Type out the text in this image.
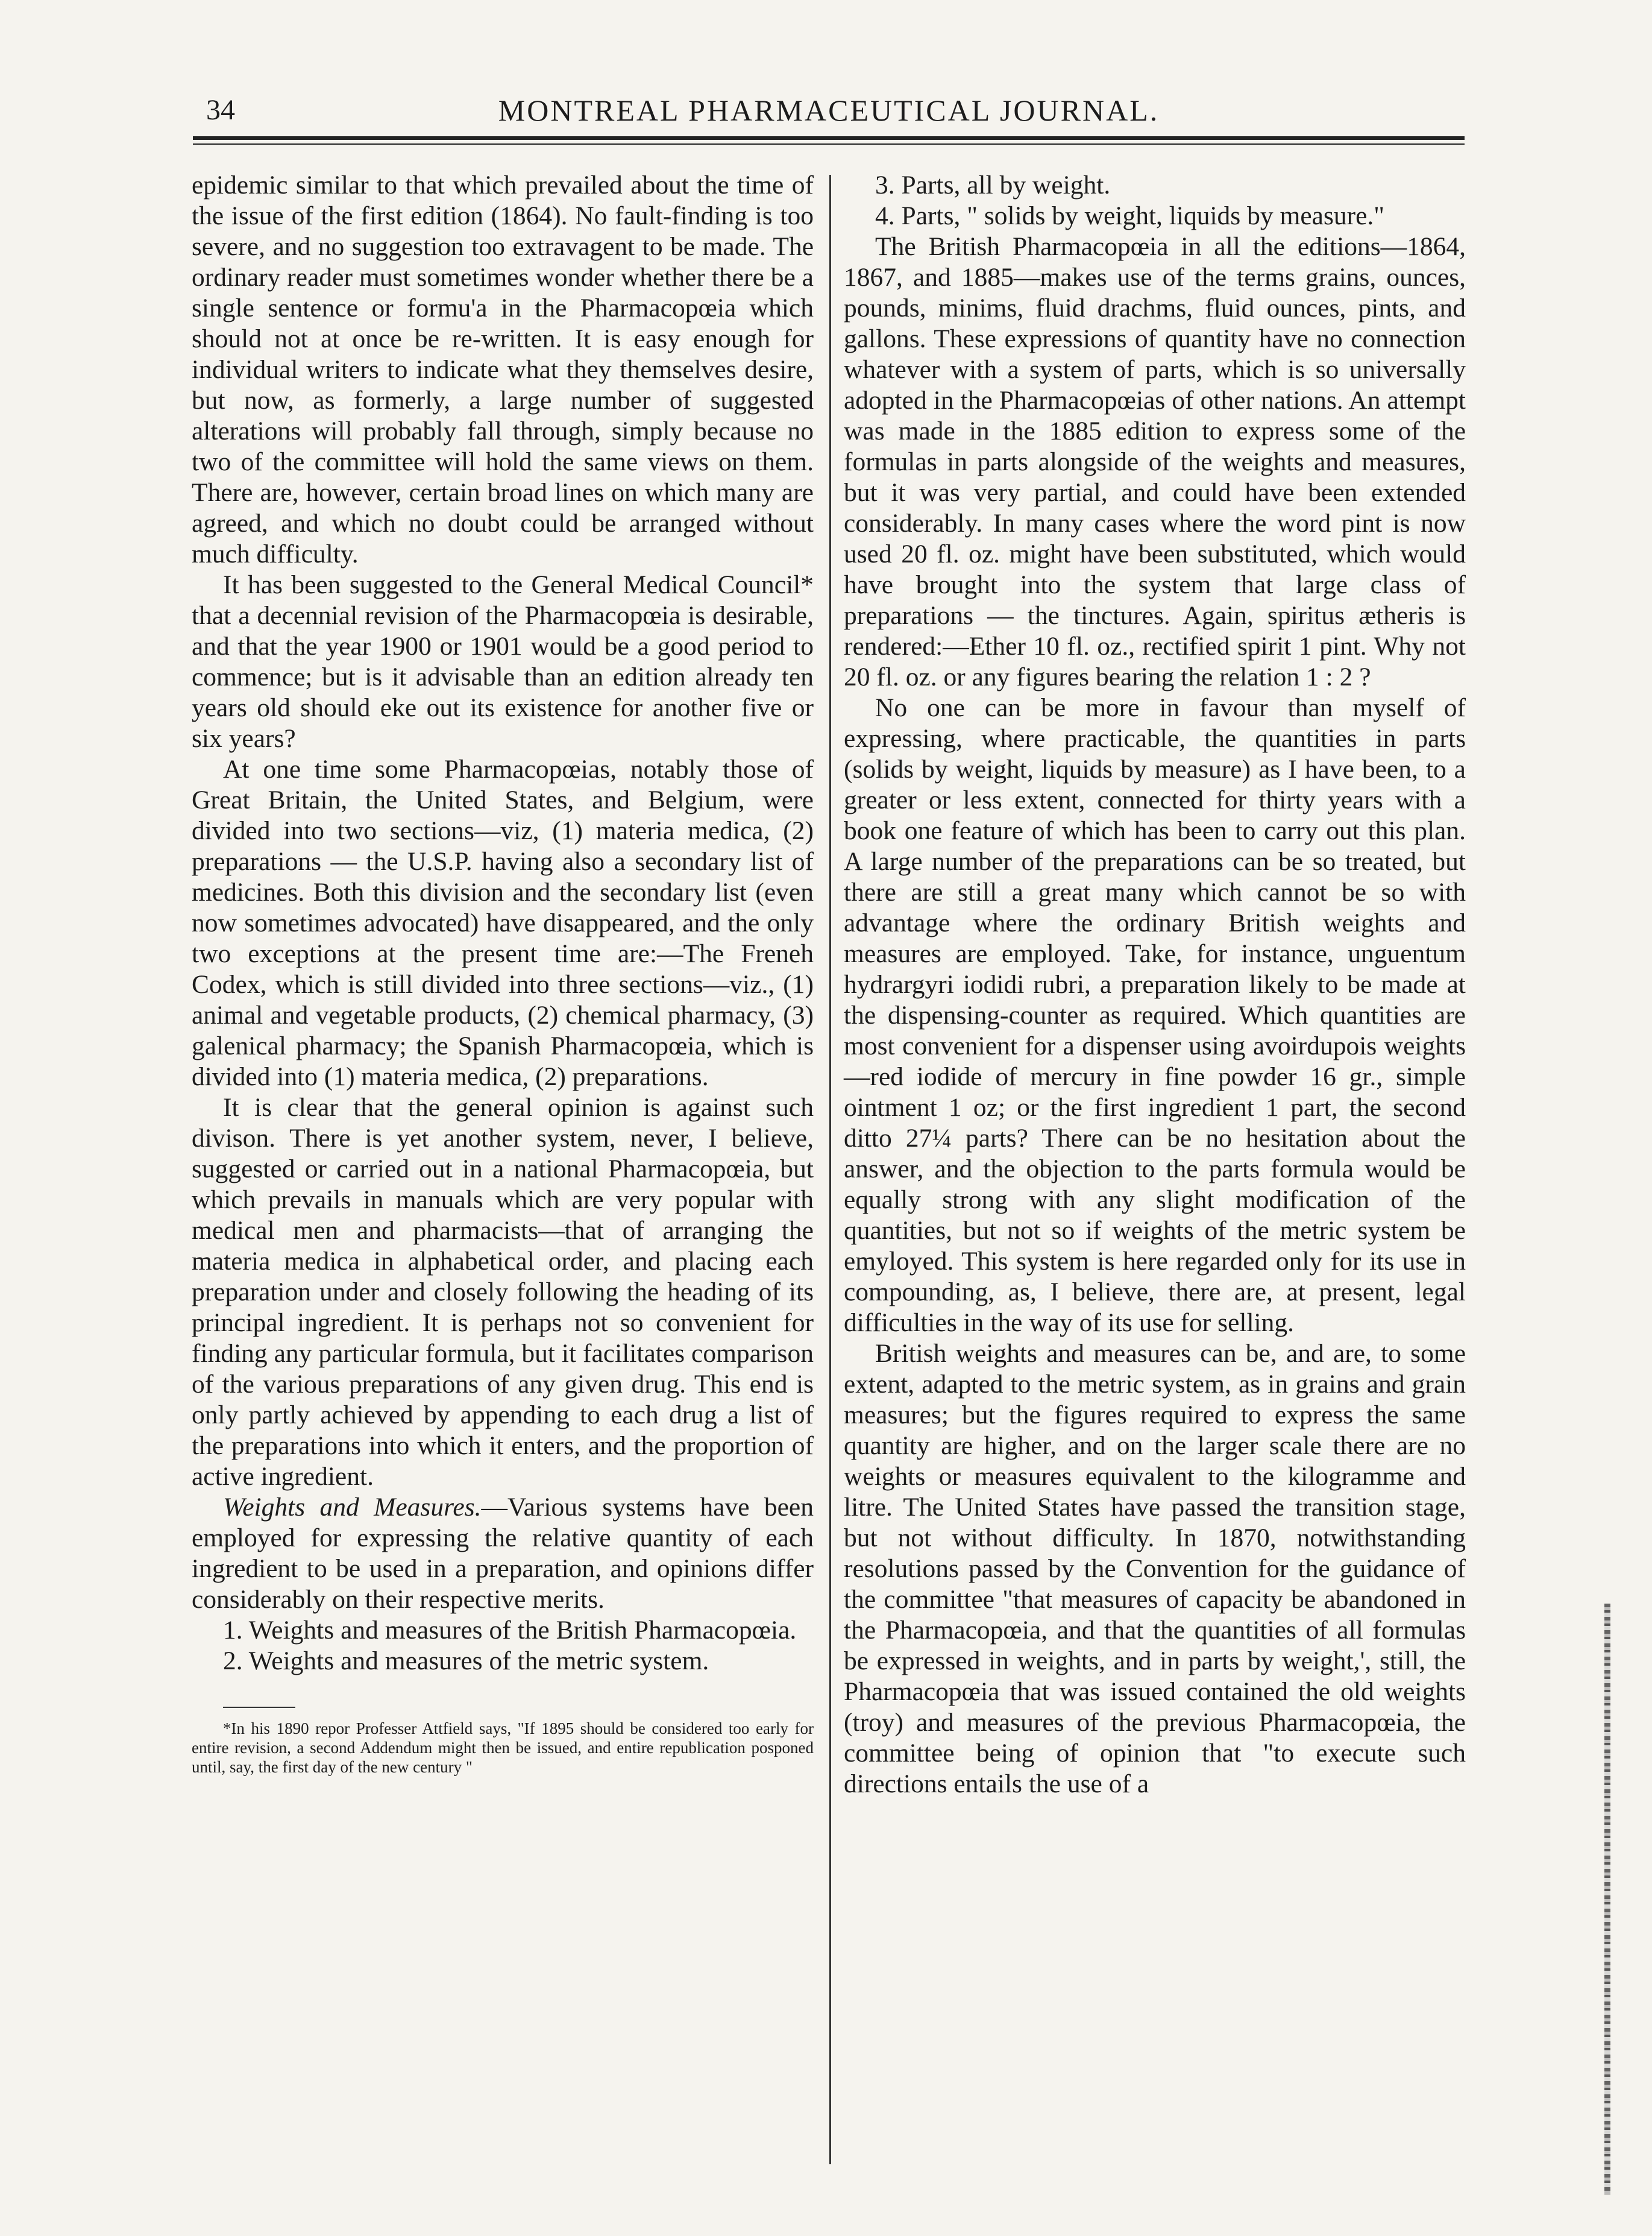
34	MONTREAL PHARMACEUTICAL JOURNAL.

epidemic similar to that which prevailed about the time of the issue of the first edition (1864). No fault-finding is too severe, and no suggestion too extravagent to be made. The ordinary reader must sometimes wonder whether there be a single sentence or formu'a in the Pharmacopœia which should not at once be re-written. It is easy enough for individual writers to indicate what they themselves desire, but now, as formerly, a large number of suggested alterations will probably fall through, simply because no two of the committee will hold the same views on them. There are, however, certain broad lines on which many are agreed, and which no doubt could be arranged without much difficulty.

It has been suggested to the General Medical Council* that a decennial revision of the Pharmacopœia is desirable, and that the year 1900 or 1901 would be a good period to commence; but is it advisable than an edition already ten years old should eke out its existence for another five or six years?

At one time some Pharmacopœias, notably those of Great Britain, the United States, and Belgium, were divided into two sections—viz, (1) materia medica, (2) preparations — the U.S.P. having also a secondary list of medicines. Both this division and the secondary list (even now sometimes advocated) have disappeared, and the only two exceptions at the present time are:—The Freneh Codex, which is still divided into three sections—viz., (1) animal and vegetable products, (2) chemical pharmacy, (3) galenical pharmacy; the Spanish Pharmacopœia, which is divided into (1) materia medica, (2) preparations.

It is clear that the general opinion is against such divison. There is yet another system, never, I believe, suggested or carried out in a national Pharmacopœia, but which prevails in manuals which are very popular with medical men and pharmacists—that of arranging the materia medica in alphabetical order, and placing each preparation under and closely following the heading of its principal ingredient. It is perhaps not so convenient for finding any particular formula, but it facilitates comparison of the various preparations of any given drug. This end is only partly achieved by appending to each drug a list of the preparations into which it enters, and the proportion of active ingredient.

Weights and Measures.—Various systems have been employed for expressing the relative quantity of each ingredient to be used in a preparation, and opinions differ considerably on their respective merits.

1. Weights and measures of the British Pharmacopœia.

2. Weights and measures of the metric system.

*In his 1890 repor Professer Attfield says, "If 1895 should be considered too early for entire revision, a second Addendum might then be issued, and entire republication posponed until, say, the first day of the new century "

3. Parts, all by weight.

4. Parts, " solids by weight, liquids by measure."

The British Pharmacopœia in all the editions—1864, 1867, and 1885—makes use of the terms grains, ounces, pounds, minims, fluid drachms, fluid ounces, pints, and gallons. These expressions of quantity have no connection whatever with a system of parts, which is so universally adopted in the Pharmacopœias of other nations. An attempt was made in the 1885 edition to express some of the formulas in parts alongside of the weights and measures, but it was very partial, and could have been extended considerably. In many cases where the word pint is now used 20 fl. oz. might have been substituted, which would have brought into the system that large class of preparations — the tinctures. Again, spiritus ætheris is rendered:—Ether 10 fl. oz., rectified spirit 1 pint. Why not 20 fl. oz. or any figures bearing the relation 1 : 2 ?

No one can be more in favour than myself of expressing, where practicable, the quantities in parts (solids by weight, liquids by measure) as I have been, to a greater or less extent, connected for thirty years with a book one feature of which has been to carry out this plan. A large number of the preparations can be so treated, but there are still a great many which cannot be so with advantage where the ordinary British weights and measures are employed. Take, for instance, unguentum hydrargyri iodidi rubri, a preparation likely to be made at the dispensing-counter as required. Which quantities are most convenient for a dispenser using avoirdupois weights—red iodide of mercury in fine powder 16 gr., simple ointment 1 oz; or the first ingredient 1 part, the second ditto 27¼ parts? There can be no hesitation about the answer, and the objection to the parts formula would be equally strong with any slight modification of the quantities, but not so if weights of the metric system be emyloyed. This system is here regarded only for its use in compounding, as, I believe, there are, at present, legal difficulties in the way of its use for selling.

British weights and measures can be, and are, to some extent, adapted to the metric system, as in grains and grain measures; but the figures required to express the same quantity are higher, and on the larger scale there are no weights or measures equivalent to the kilogramme and litre. The United States have passed the transition stage, but not without difficulty. In 1870, notwithstanding resolutions passed by the Convention for the guidance of the committee "that measures of capacity be abandoned in the Pharmacopœia, and that the quantities of all formulas be expressed in weights, and in parts by weight,', still, the Pharmacopœia that was issued contained the old weights (troy) and measures of the previous Pharmacopœia, the committee being of opinion that "to execute such directions entails the use of a
